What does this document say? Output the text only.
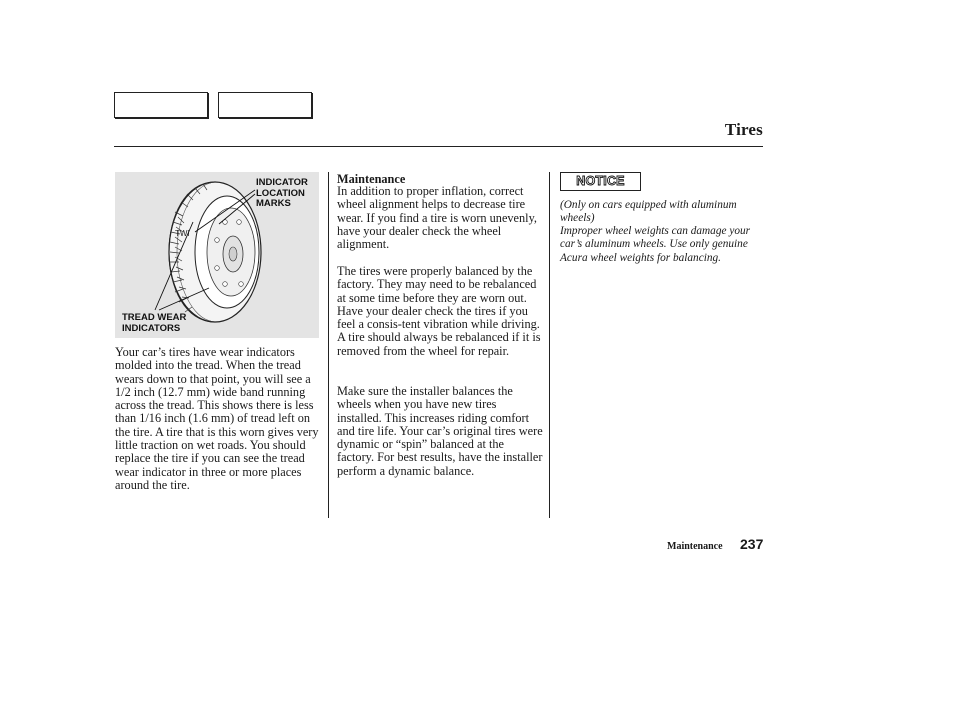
Tires
TWI
INDICATOR
LOCATION
MARKS
TREAD WEAR
INDICATORS

Your car’s tires have wear indicators molded into the tread. When the tread wears down to that point, you will see a 1/2 inch (12.7 mm) wide band running across the tread. This shows there is less than 1/16 inch (1.6 mm) of tread left on the tire. A tire that is this worn gives very little traction on wet roads. You should replace the tire if you can see the tread wear indicator in three or more places around the tire.

Maintenance

In addition to proper inflation, correct wheel alignment helps to decrease tire wear. If you find a tire is worn unevenly, have your dealer check the wheel alignment.

The tires were properly balanced by the factory. They may need to be rebalanced at some time before they are worn out. Have your dealer check the tires if you feel a consis-tent vibration while driving. A tire should always be rebalanced if it is removed from the wheel for repair.

Make sure the installer balances the wheels when you have new tires installed. This increases riding comfort and tire life. Your car’s original tires were dynamic or “spin” balanced at the factory. For best results, have the installer perform a dynamic balance.

NOTICE
(Only on cars equipped with aluminum wheels)
Improper wheel weights can damage your car’s aluminum wheels. Use only genuine Acura wheel weights for balancing.
Maintenance 237
